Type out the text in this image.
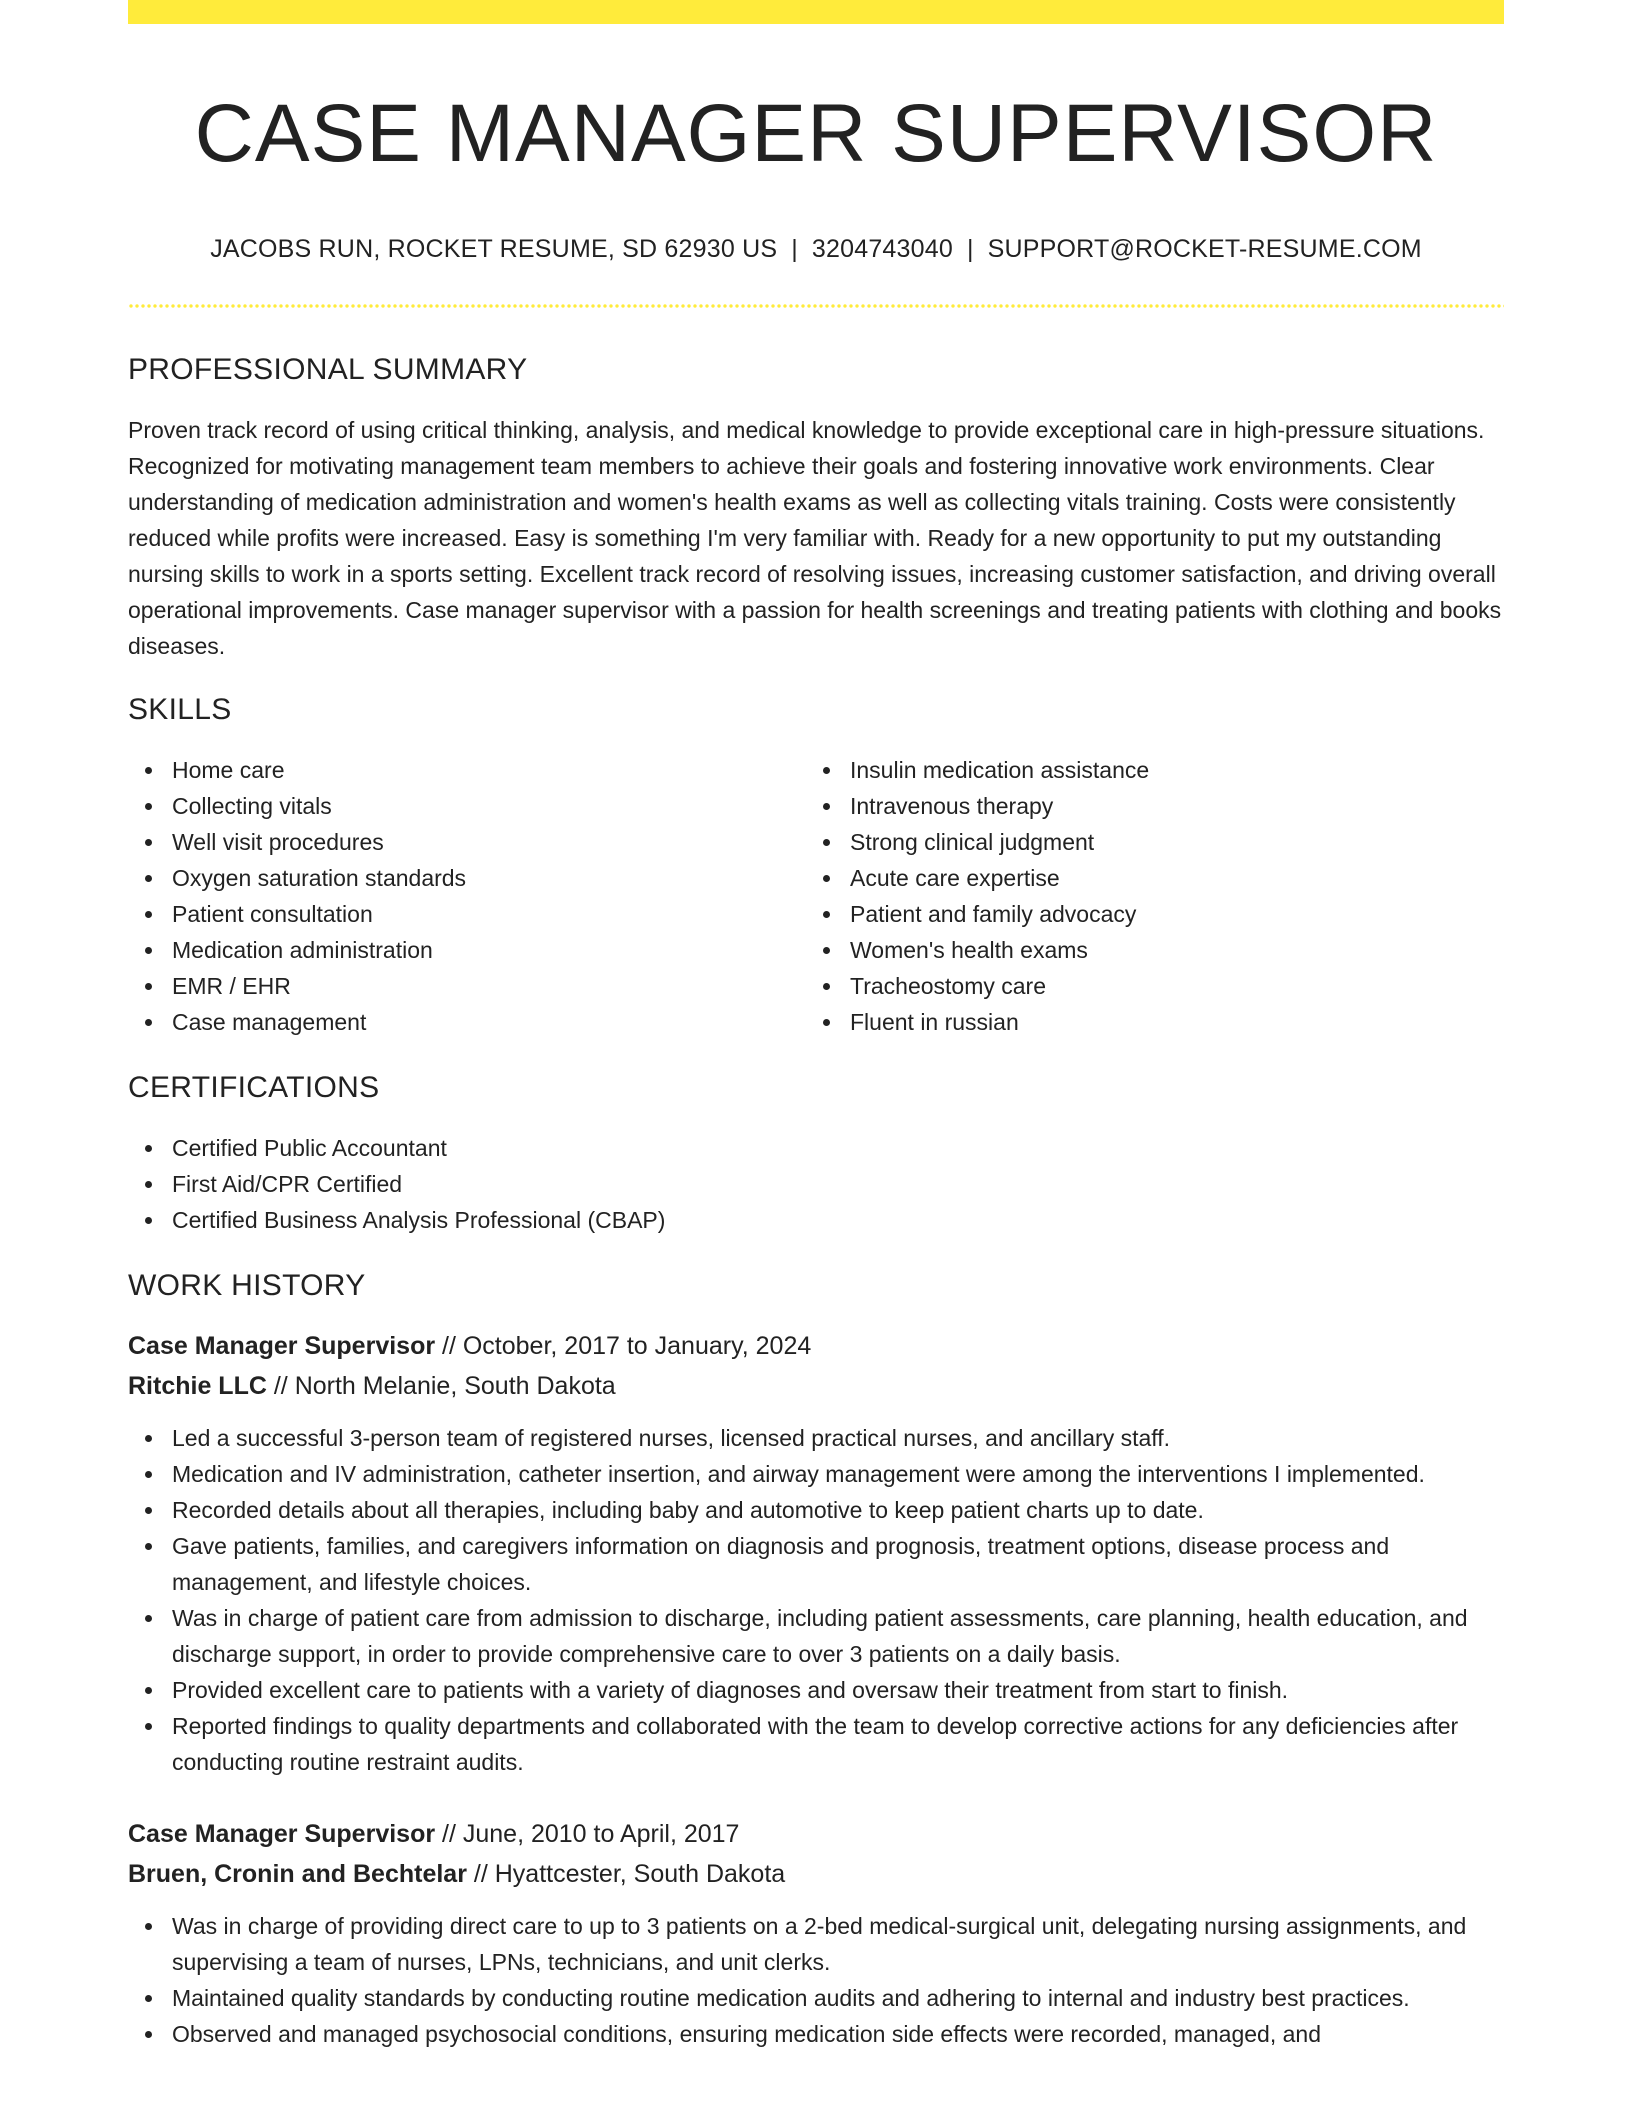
CASE MANAGER SUPERVISOR
JACOBS RUN, ROCKET RESUME, SD 62930 US | 3204743040 | SUPPORT@ROCKET-RESUME.COM
PROFESSIONAL SUMMARY

Proven track record of using critical thinking, analysis, and medical knowledge to provide exceptional care in high-pressure situations. Recognized for motivating management team members to achieve their goals and fostering innovative work environments. Clear understanding of medication administration and women's health exams as well as collecting vitals training. Costs were consistently reduced while profits were increased. Easy is something I'm very familiar with. Ready for a new opportunity to put my outstanding nursing skills to work in a sports setting. Excellent track record of resolving issues, increasing customer satisfaction, and driving overall operational improvements. Case manager supervisor with a passion for health screenings and treating patients with clothing and books diseases.

SKILLS
Home care
Collecting vitals
Well visit procedures
Oxygen saturation standards
Patient consultation
Medication administration
EMR / EHR
Case management
Insulin medication assistance
Intravenous therapy
Strong clinical judgment
Acute care expertise
Patient and family advocacy
Women's health exams
Tracheostomy care
Fluent in russian
CERTIFICATIONS
Certified Public Accountant
First Aid/CPR Certified
Certified Business Analysis Professional (CBAP)
WORK HISTORY
Case Manager Supervisor // October, 2017 to January, 2024
Ritchie LLC // North Melanie, South Dakota
Led a successful 3-person team of registered nurses, licensed practical nurses, and ancillary staff.
Medication and IV administration, catheter insertion, and airway management were among the interventions I implemented.
Recorded details about all therapies, including baby and automotive to keep patient charts up to date.
Gave patients, families, and caregivers information on diagnosis and prognosis, treatment options, disease process and management, and lifestyle choices.
Was in charge of patient care from admission to discharge, including patient assessments, care planning, health education, and discharge support, in order to provide comprehensive care to over 3 patients on a daily basis.
Provided excellent care to patients with a variety of diagnoses and oversaw their treatment from start to finish.
Reported findings to quality departments and collaborated with the team to develop corrective actions for any deficiencies after conducting routine restraint audits.
Case Manager Supervisor // June, 2010 to April, 2017
Bruen, Cronin and Bechtelar // Hyattcester, South Dakota
Was in charge of providing direct care to up to 3 patients on a 2-bed medical-surgical unit, delegating nursing assignments, and supervising a team of nurses, LPNs, technicians, and unit clerks.
Maintained quality standards by conducting routine medication audits and adhering to internal and industry best practices.
Observed and managed psychosocial conditions, ensuring medication side effects were recorded, managed, and
